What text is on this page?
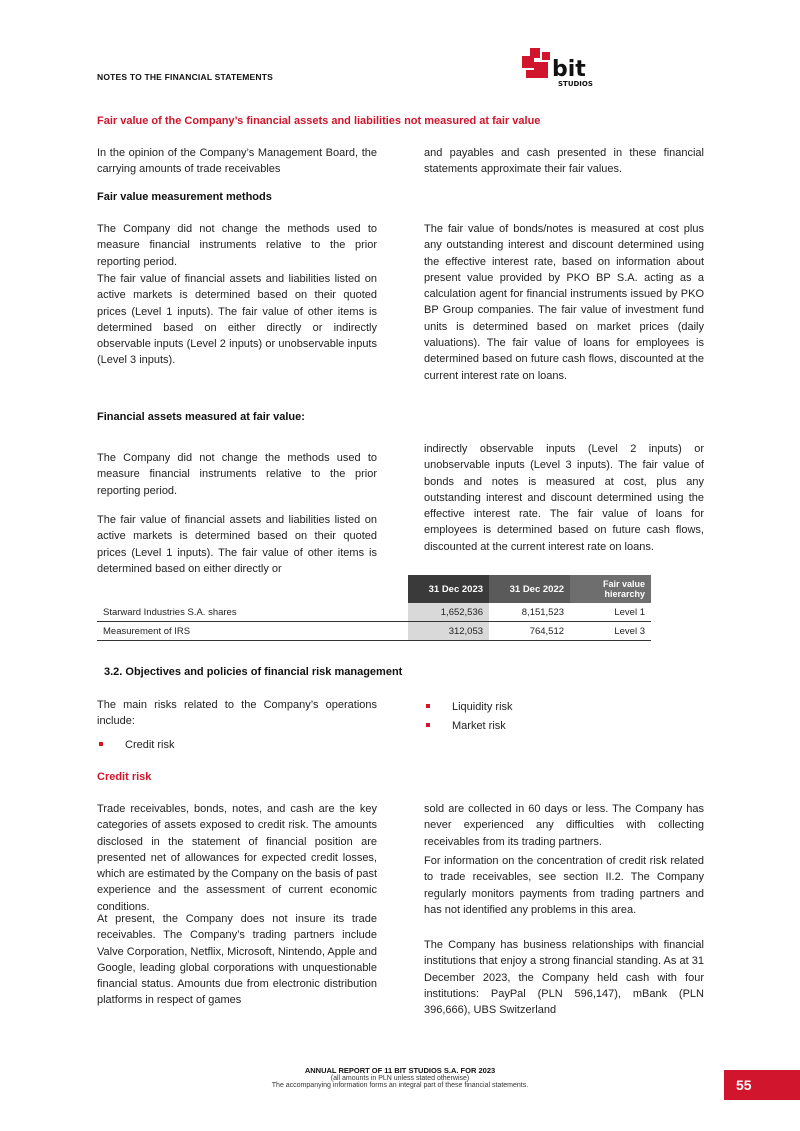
NOTES TO THE FINANCIAL STATEMENTS	bit
STUDIOS
Fair value of the Company’s financial assets and liabilities not measured at fair value

In the opinion of the Company’s Management Board, the carrying amounts of trade receivables

and payables and cash presented in these financial statements approximate their fair values.

Fair value measurement methods

The Company did not change the methods used to measure financial instruments relative to the prior reporting period.

The fair value of financial assets and liabilities listed on active markets is determined based on their quoted prices (Level 1 inputs). The fair value of other items is determined based on either directly or indirectly observable inputs (Level 2 inputs) or unobservable inputs (Level 3 inputs).

The fair value of bonds/notes is measured at cost plus any outstanding interest and discount determined using the effective interest rate, based on information about present value provided by PKO BP S.A. acting as a calculation agent for financial instruments issued by PKO BP Group companies. The fair value of investment fund units is determined based on market prices (daily valuations). The fair value of loans for employees is determined based on future cash flows, discounted at the current interest rate on loans.

Financial assets measured at fair value:

The Company did not change the methods used to measure financial instruments relative to the prior reporting period.

The fair value of financial assets and liabilities listed on active markets is determined based on their quoted prices (Level 1 inputs). The fair value of other items is determined based on either directly or

indirectly observable inputs (Level 2 inputs) or unobservable inputs (Level 3 inputs). The fair value of bonds and notes is measured at cost, plus any outstanding interest and discount determined using the effective interest rate. The fair value of loans for employees is determined based on future cash flows, discounted at the current interest rate on loans.

	31 Dec 2023	31 Dec 2022	Fair value hierarchy
Starward Industries S.A. shares	1,652,536	8,151,523	Level 1
Measurement of IRS	312,053	764,512	Level 3
3.2. Objectives and policies of financial risk management

The main risks related to the Company’s operations include:

Credit risk
Liquidity risk
Market risk
Credit risk

Trade receivables, bonds, notes, and cash are the key categories of assets exposed to credit risk. The amounts disclosed in the statement of financial position are presented net of allowances for expected credit losses, which are estimated by the Company on the basis of past experience and the assessment of current economic conditions.

At present, the Company does not insure its trade receivables. The Company’s trading partners include Valve Corporation, Netflix, Microsoft, Nintendo, Apple and Google, leading global corporations with unquestionable financial status. Amounts due from electronic distribution platforms in respect of games

sold are collected in 60 days or less. The Company has never experienced any difficulties with collecting receivables from its trading partners.

For information on the concentration of credit risk related to trade receivables, see section II.2. The Company regularly monitors payments from trading partners and has not identified any problems in this area.

The Company has business relationships with financial institutions that enjoy a strong financial standing. As at 31 December 2023, the Company held cash with four institutions: PayPal (PLN 596,147), mBank (PLN 396,666), UBS Switzerland

ANNUAL REPORT OF 11 BIT STUDIOS S.A. FOR 2023
(all amounts in PLN unless stated otherwise)
The accompanying information forms an integral part of these financial statements.	55
